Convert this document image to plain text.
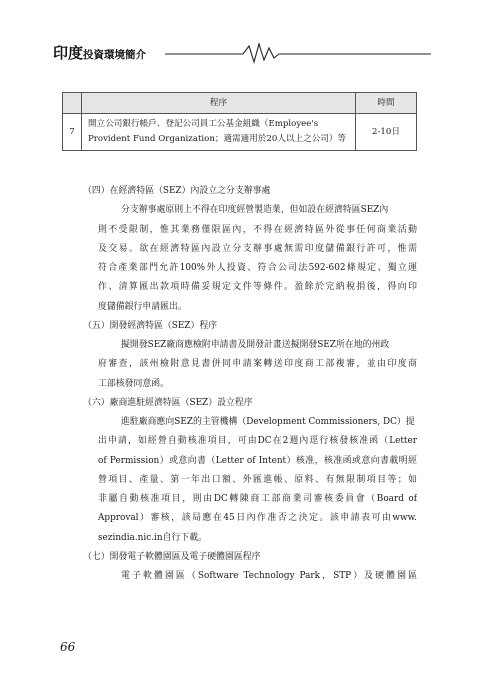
印度投資環境簡介
	程序	時間
7	開立公司銀行帳戶、登記公司員工公基金組織（Employee's
Provident Fund Organization；適需適用於20人以上之公司）等	2-10日
（四）在經濟特區（SEZ）內設立之分支辦事處
分支辦事處原則上不得在印度經營製造業，但如設在經濟特區SEZ內
則不受限制，惟其業務僅限區內，不得在經濟特區外從事任何商業活動
及交易。欲在經濟特區內設立分支辦事處無需印度儲備銀行許可，惟需
符合產業部門允許100%外人投資、符合公司法592-602條規定、獨立運
作、清算匯出款項時備妥規定文件等條件。盈餘於完納稅捐後，得向印
度儲備銀行申請匯出。
（五）開發經濟特區（SEZ）程序
擬開發SEZ廠商應檢附申請書及開發計畫送擬開發SEZ所在地的州政
府審查，該州檢附意見書併同申請案轉送印度商工部複審，並由印度商
工部核發同意函。
（六）廠商進駐經濟特區（SEZ）設立程序
進駐廠商應向SEZ的主管機構（Development Commissioners, DC）提
出申請，如經營自動核准項目，可由DC在2週內逕行核發核准函（Letter
of Permission）或意向書（Letter of Intent）核准，核准函或意向書載明經
營項目、產量、第一年出口額、外匯進帳、原料、有無限制項目等；如
非屬自動核准項目，則由DC轉陳商工部商業司審核委員會（Board of
Approval）審核，該局應在45日內作准否之決定。該申請表可由www.
sezindia.nic.in自行下載。
（七）開發電子軟體園區及電子硬體園區程序
電子軟體園區（Software Technology Park，STP）及硬體園區
66
